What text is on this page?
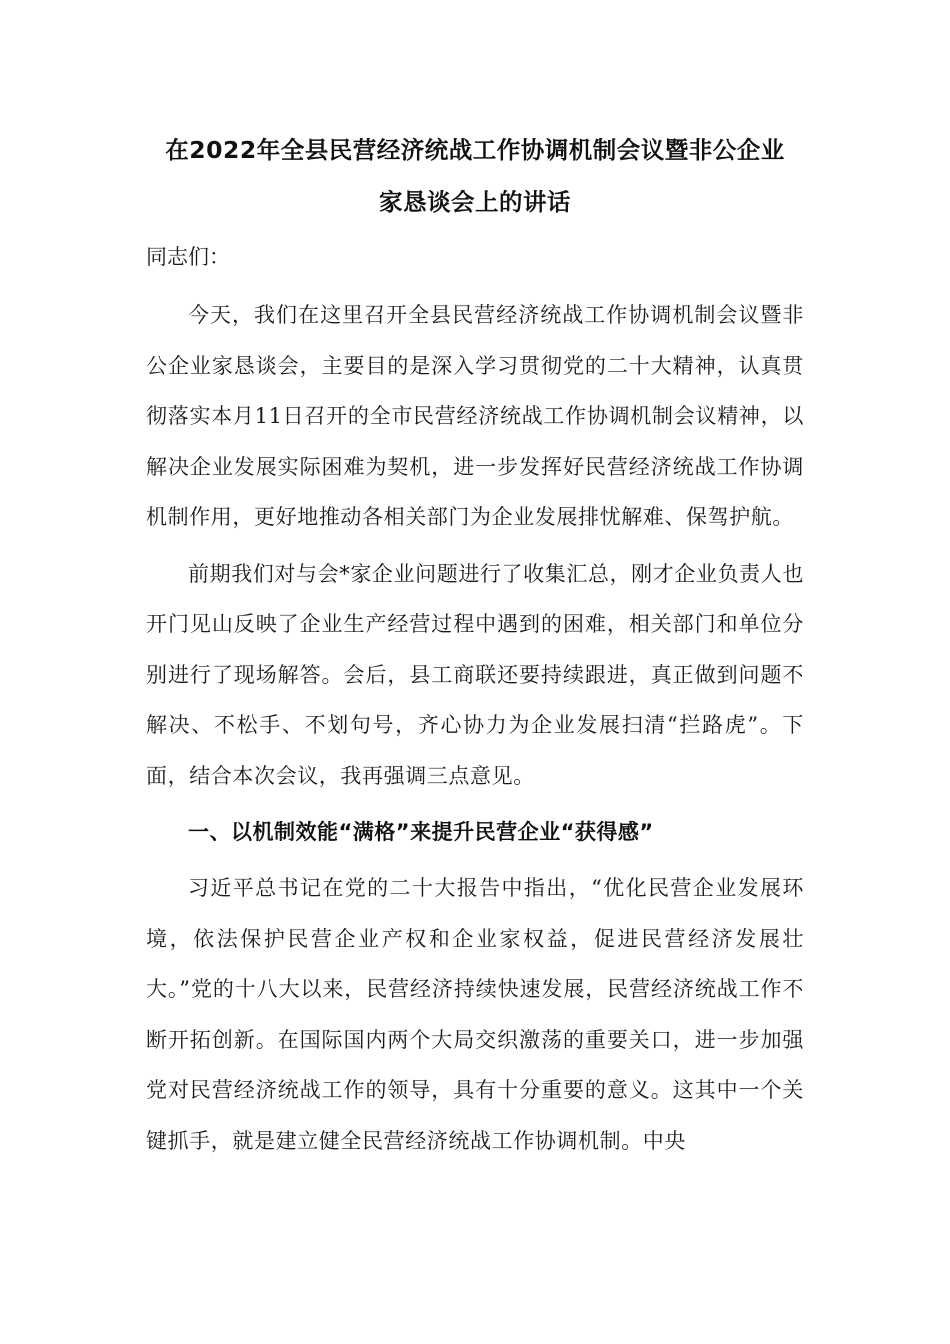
在2022年全县民营经济统战工作协调机制会议暨非公企业
家恳谈会上的讲话

同志们：

今天，我们在这里召开全县民营经济统战工作协调机制会议暨非公企业家恳谈会，主要目的是深入学习贯彻党的二十大精神，认真贯彻落实本月11日召开的全市民营经济统战工作协调机制会议精神，以解决企业发展实际困难为契机，进一步发挥好民营经济统战工作协调机制作用，更好地推动各相关部门为企业发展排忧解难、保驾护航。

前期我们对与会*家企业问题进行了收集汇总，刚才企业负责人也开门见山反映了企业生产经营过程中遇到的困难，相关部门和单位分别进行了现场解答。会后，县工商联还要持续跟进，真正做到问题不解决、不松手、不划句号，齐心协力为企业发展扫清“拦路虎”。下面，结合本次会议，我再强调三点意见。

一、以机制效能“满格”来提升民营企业“获得感”

习近平总书记在党的二十大报告中指出，“优化民营企业发展环境，依法保护民营企业产权和企业家权益，促进民营经济发展壮大。”党的十八大以来，民营经济持续快速发展，民营经济统战工作不断开拓创新。在国际国内两个大局交织激荡的重要关口，进一步加强党对民营经济统战工作的领导，具有十分重要的意义。这其中一个关键抓手，就是建立健全民营经济统战工作协调机制。中央
